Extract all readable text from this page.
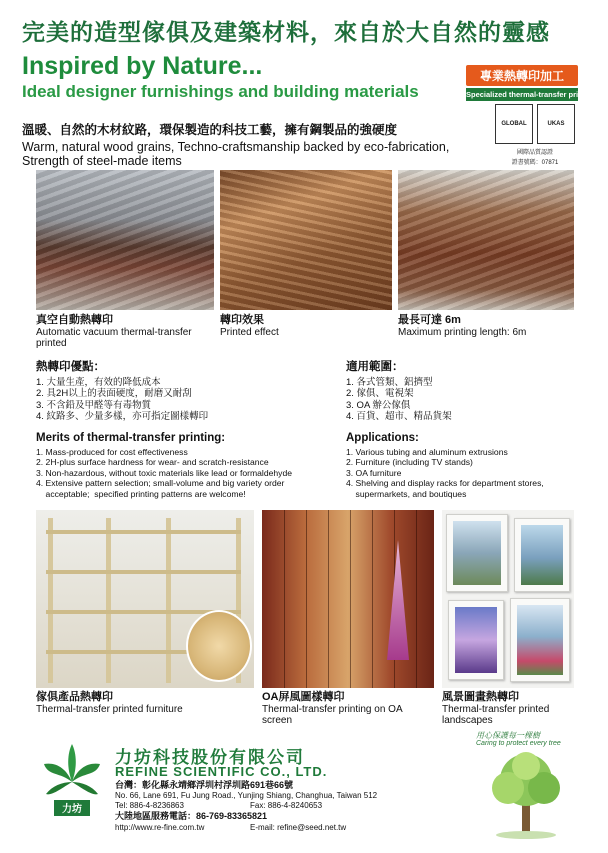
完美的造型傢俱及建築材料，來自於大自然的靈感
Inspired by Nature...
Ideal designer furnishings and building materials
專業熱轉印加工
Specialized thermal-transfer printing
溫暖、自然的木材紋路，環保製造的科技工藝，擁有鋼製品的強硬度
Warm, natural wood grains, Techno-craftsmanship backed by eco-fabrication, Strength of steel-made items
GLOBAL	UKAS
國際品質認證
證書號碼：07871
真空自動熱轉印
Automatic vacuum thermal-transfer printed
轉印效果
Printed effect
最長可達 6m
Maximum printing length: 6m
熱轉印優點：
1. 大量生產，有效的降低成本
2. 具2H以上的表面硬度，耐磨又耐刮
3. 不含鉛及甲醛等有毒物質
4. 紋路多、少量多樣，亦可指定圖樣轉印
適用範圍：
1. 各式管類、鋁擠型
2. 傢俱、電視架
3. OA 辦公傢俱
4. 百貨、超市、精品貨架
Merits of thermal-transfer printing:
1. Mass-produced for cost effectiveness
2. 2H-plus surface hardness for wear- and scratch-resistance
3. Non-hazardous, without toxic materials like lead or formaldehyde
4. Extensive pattern selection; small-volume and big variety order
acceptable;  specified printing patterns are welcome!
Applications:
1. Various tubing and aluminum extrusions
2. Furniture (including TV stands)
3. OA furniture
4. Shelving and display racks for department stores,
supermarkets, and boutiques
傢俱產品熱轉印
Thermal-transfer printed furniture
OA屏風圖樣轉印
Thermal-transfer printing on OA screen
風景圖畫熱轉印
Thermal-transfer printed landscapes
力坊
力坊科技股份有限公司
REFINE SCIENTIFIC CO., LTD.
台灣：彰化縣永靖鄉浮圳村浮圳路691巷66號
No. 66, Lane 691, Fu Jung Road., Yunjing Shiang, Changhua, Taiwan 512
Tel: 886-4-8236863	Fax: 886-4-8240653
大陸地區服務電話：86-769-83365821
http://www.re-fine.com.tw	E-mail: refine@seed.net.tw
用心保護每一棵樹
Caring to protect every tree
